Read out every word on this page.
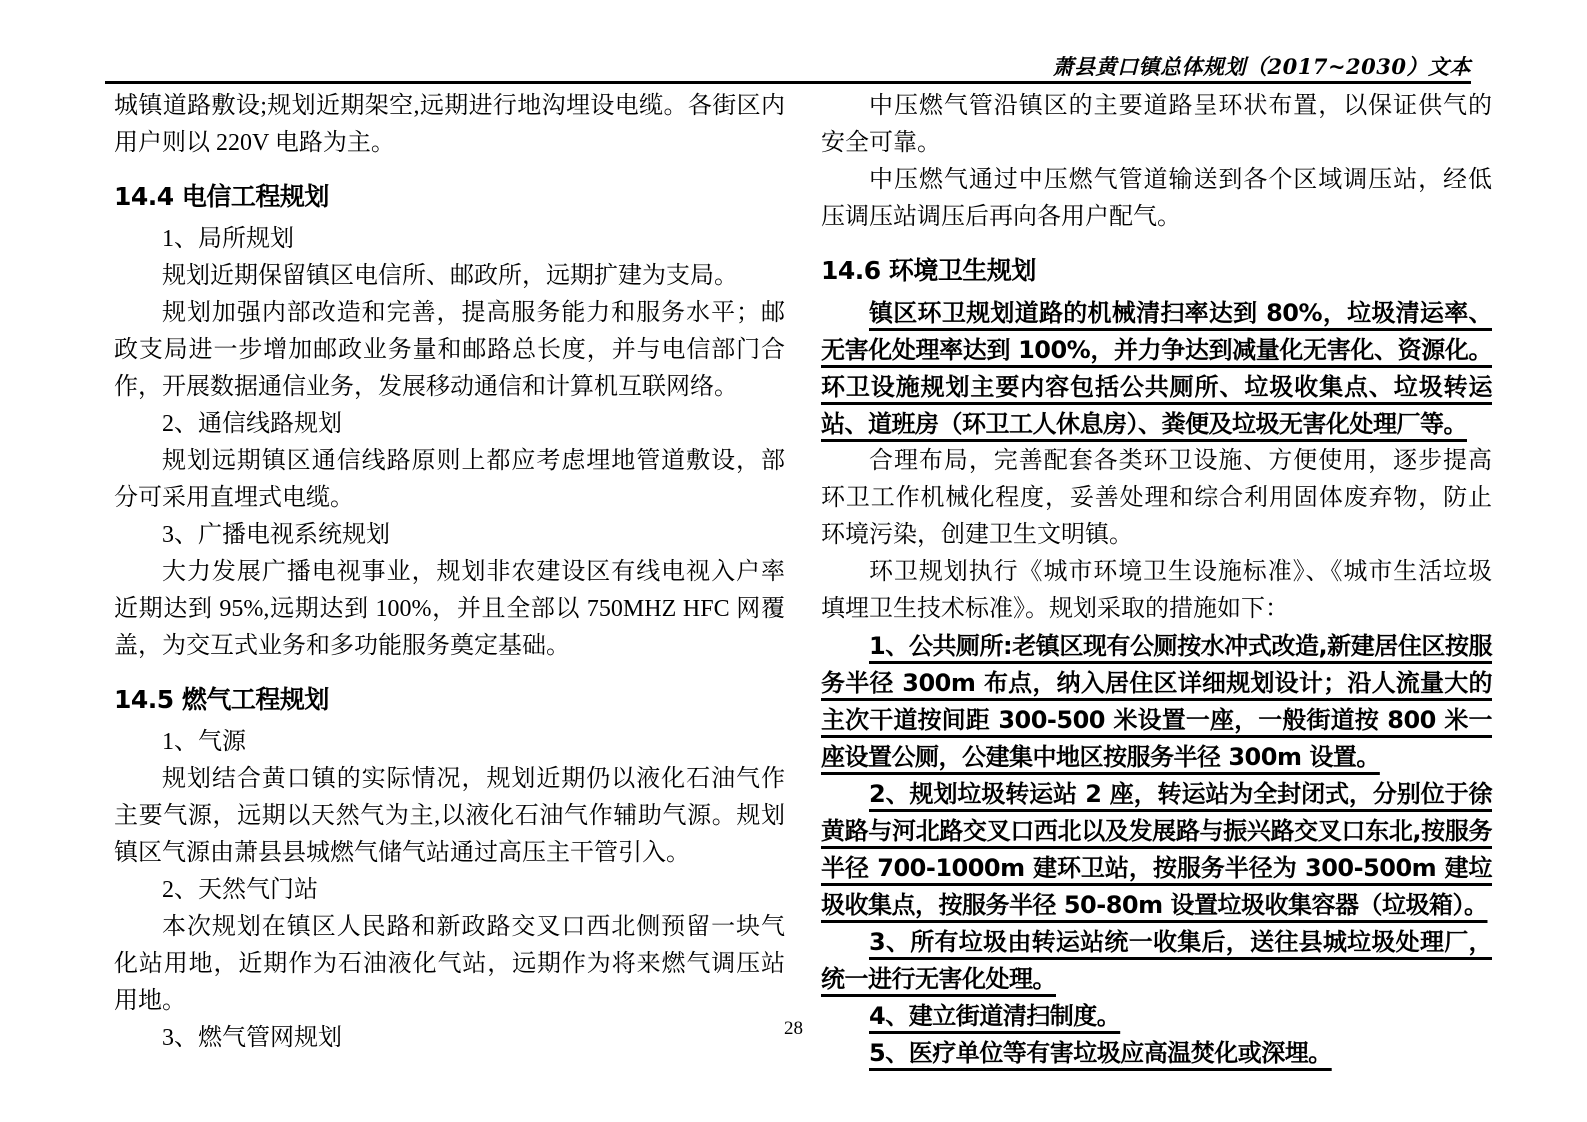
萧县黄口镇总体规划（2017~2030）文本

城镇道路敷设;规划近期架空,远期进行地沟埋设电缆。各街区内用户则以 220V 电路为主。

14.4 电信工程规划

1、局所规划

规划近期保留镇区电信所、邮政所，远期扩建为支局。

规划加强内部改造和完善，提高服务能力和服务水平；邮政支局进一步增加邮政业务量和邮路总长度，并与电信部门合作，开展数据通信业务，发展移动通信和计算机互联网络。

2、通信线路规划

规划远期镇区通信线路原则上都应考虑埋地管道敷设，部分可采用直埋式电缆。

3、广播电视系统规划

大力发展广播电视事业，规划非农建设区有线电视入户率近期达到 95%,远期达到 100%，并且全部以 750MHZ HFC 网覆盖，为交互式业务和多功能服务奠定基础。

14.5 燃气工程规划

1、气源

规划结合黄口镇的实际情况，规划近期仍以液化石油气作主要气源，远期以天然气为主,以液化石油气作辅助气源。规划镇区气源由萧县县城燃气储气站通过高压主干管引入。

2、天然气门站

本次规划在镇区人民路和新政路交叉口西北侧预留一块气化站用地，近期作为石油液化气站，远期作为将来燃气调压站用地。

3、燃气管网规划

中压燃气管沿镇区的主要道路呈环状布置，以保证供气的安全可靠。

中压燃气通过中压燃气管道输送到各个区域调压站，经低压调压站调压后再向各用户配气。

14.6 环境卫生规划

镇区环卫规划道路的机械清扫率达到 80%，垃圾清运率、无害化处理率达到 100%，并力争达到减量化无害化、资源化。环卫设施规划主要内容包括公共厕所、垃圾收集点、垃圾转运站、道班房（环卫工人休息房）、粪便及垃圾无害化处理厂等。

合理布局，完善配套各类环卫设施、方便使用，逐步提高环卫工作机械化程度，妥善处理和综合利用固体废弃物，防止环境污染，创建卫生文明镇。

环卫规划执行《城市环境卫生设施标准》、《城市生活垃圾填埋卫生技术标准》。规划采取的措施如下：

1、公共厕所:老镇区现有公厕按水冲式改造,新建居住区按服务半径 300m 布点，纳入居住区详细规划设计；沿人流量大的主次干道按间距 300-500 米设置一座，一般街道按 800 米一座设置公厕，公建集中地区按服务半径 300m 设置。

2、规划垃圾转运站 2 座，转运站为全封闭式，分别位于徐黄路与河北路交叉口西北以及发展路与振兴路交叉口东北,按服务半径 700-1000m 建环卫站，按服务半径为 300-500m 建垃圾收集点，按服务半径 50-80m 设置垃圾收集容器（垃圾箱）。

3、所有垃圾由转运站统一收集后，送往县城垃圾处理厂，统一进行无害化处理。

4、建立街道清扫制度。

5、医疗单位等有害垃圾应高温焚化或深埋。

28
